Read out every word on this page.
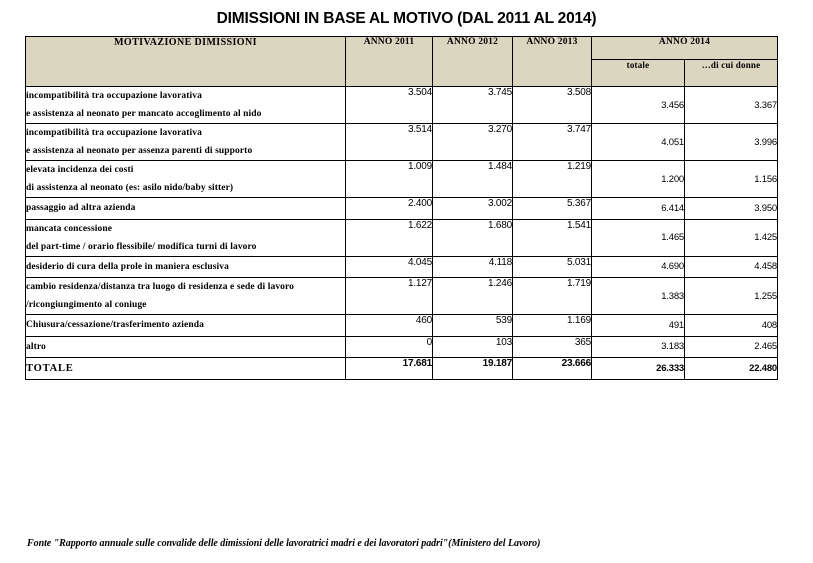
DIMISSIONI IN BASE AL MOTIVO (DAL 2011 AL 2014)
MOTIVAZIONE DIMISSIONI	ANNO 2011	ANNO 2012	ANNO 2013	ANNO 2014	
				totale	…di cui donne
incompatibilità tra occupazione lavorativa
e assistenza al neonato per mancato accoglimento al nido	3.504	3.745	3.508	3.456	3.367
incompatibilità tra occupazione lavorativa
e assistenza al neonato per assenza parenti di supporto	3.514	3.270	3.747	4.051	3.996
elevata incidenza dei costi
di assistenza al neonato (es: asilo nido/baby sitter)	1.009	1.484	1.219	1.200	1.156
passaggio ad altra azienda	2.400	3.002	5.367	6.414	3.950
mancata concessione
del part-time / orario flessibile/ modifica turni di lavoro	1.622	1.680	1.541	1.465	1.425
desiderio di cura della prole in maniera esclusiva	4.045	4.118	5.031	4.690	4.458
cambio residenza/distanza tra luogo di residenza e sede di lavoro
/ricongiungimento al coniuge	1.127	1.246	1.719	1.383	1.255
Chiusura/cessazione/trasferimento azienda	460	539	1.169	491	408
altro	0	103	365	3.183	2.465
TOTALE	17.681	19.187	23.666	26.333	22.480
Fonte "Rapporto annuale sulle convalide delle dimissioni delle lavoratrici madri e dei lavoratori padri"(Ministero del Lavoro)
